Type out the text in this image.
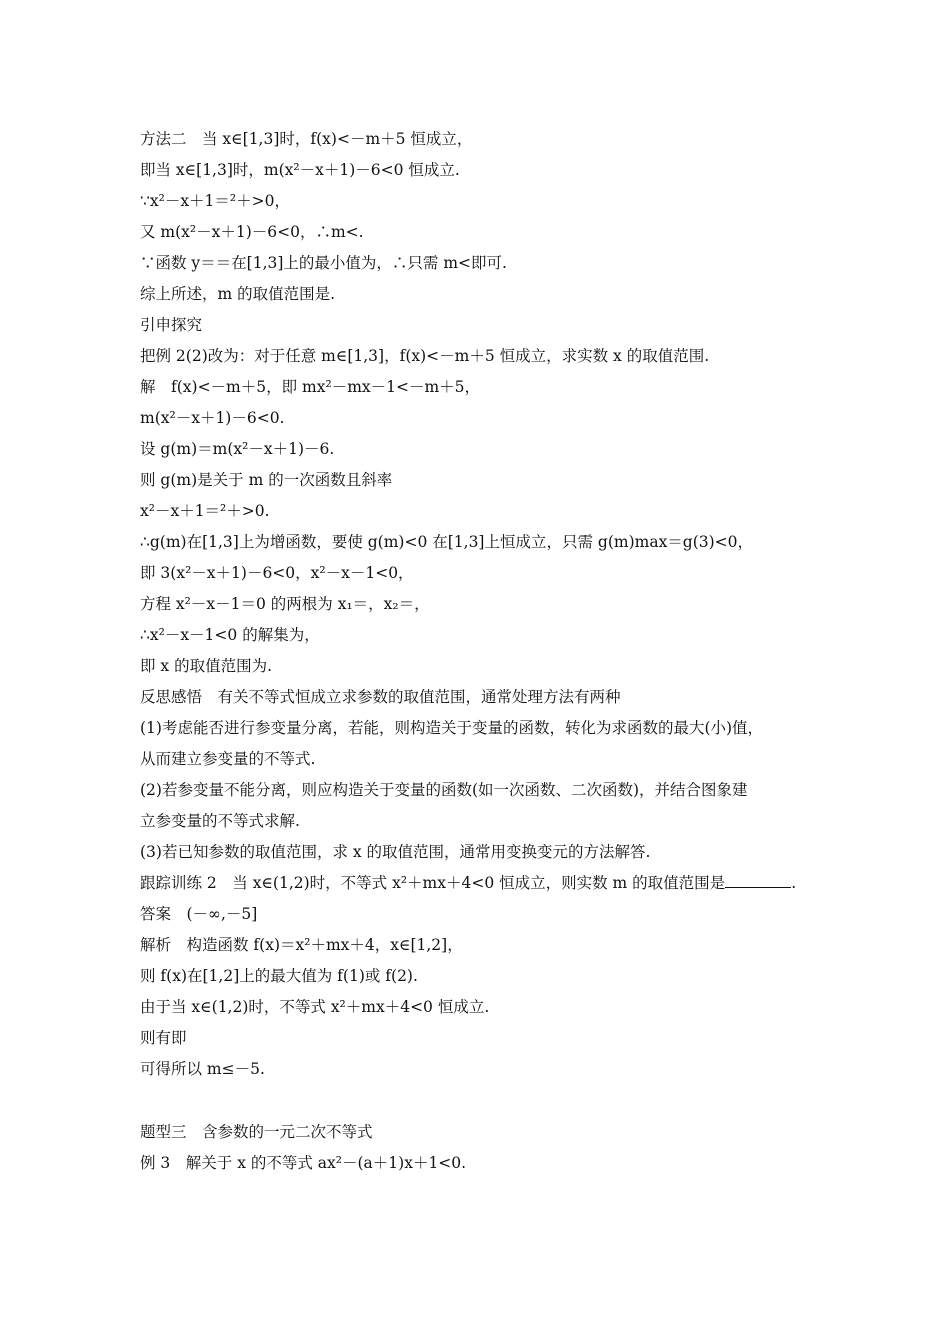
方法二　当 x∈[1,3]时，f(x)<－m＋5 恒成立，
即当 x∈[1,3]时，m(x²－x＋1)－6<0 恒成立.
∵x²－x＋1＝²＋>0，
又 m(x²－x＋1)－6<0，∴m<.
∵函数 y＝＝在[1,3]上的最小值为，∴只需 m<即可.
综上所述，m 的取值范围是.
引申探究
把例 2(2)改为：对于任意 m∈[1,3]，f(x)<－m＋5 恒成立，求实数 x 的取值范围.
解　f(x)<－m＋5，即 mx²－mx－1<－m＋5，
m(x²－x＋1)－6<0.
设 g(m)＝m(x²－x＋1)－6.
则 g(m)是关于 m 的一次函数且斜率
x²－x＋1＝²＋>0.
∴g(m)在[1,3]上为增函数，要使 g(m)<0 在[1,3]上恒成立，只需 g(m)max＝g(3)<0，
即 3(x²－x＋1)－6<0，x²－x－1<0，
方程 x²－x－1＝0 的两根为 x₁＝，x₂＝，
∴x²－x－1<0 的解集为，
即 x 的取值范围为.
反思感悟　有关不等式恒成立求参数的取值范围，通常处理方法有两种
(1)考虑能否进行参变量分离，若能，则构造关于变量的函数，转化为求函数的最大(小)值，
从而建立参变量的不等式.
(2)若参变量不能分离，则应构造关于变量的函数(如一次函数、二次函数)，并结合图象建
立参变量的不等式求解.
(3)若已知参数的取值范围，求 x 的取值范围，通常用变换变元的方法解答.
跟踪训练 2　当 x∈(1,2)时，不等式 x²＋mx＋4<0 恒成立，则实数 m 的取值范围是	.
答案　(－∞,－5]
解析　构造函数 f(x)＝x²＋mx＋4，x∈[1,2]，
则 f(x)在[1,2]上的最大值为 f(1)或 f(2).
由于当 x∈(1,2)时，不等式 x²＋mx＋4<0 恒成立.
则有即
可得所以 m≤－5.
题型三　含参数的一元二次不等式
例 3　解关于 x 的不等式 ax²－(a＋1)x＋1<0.
